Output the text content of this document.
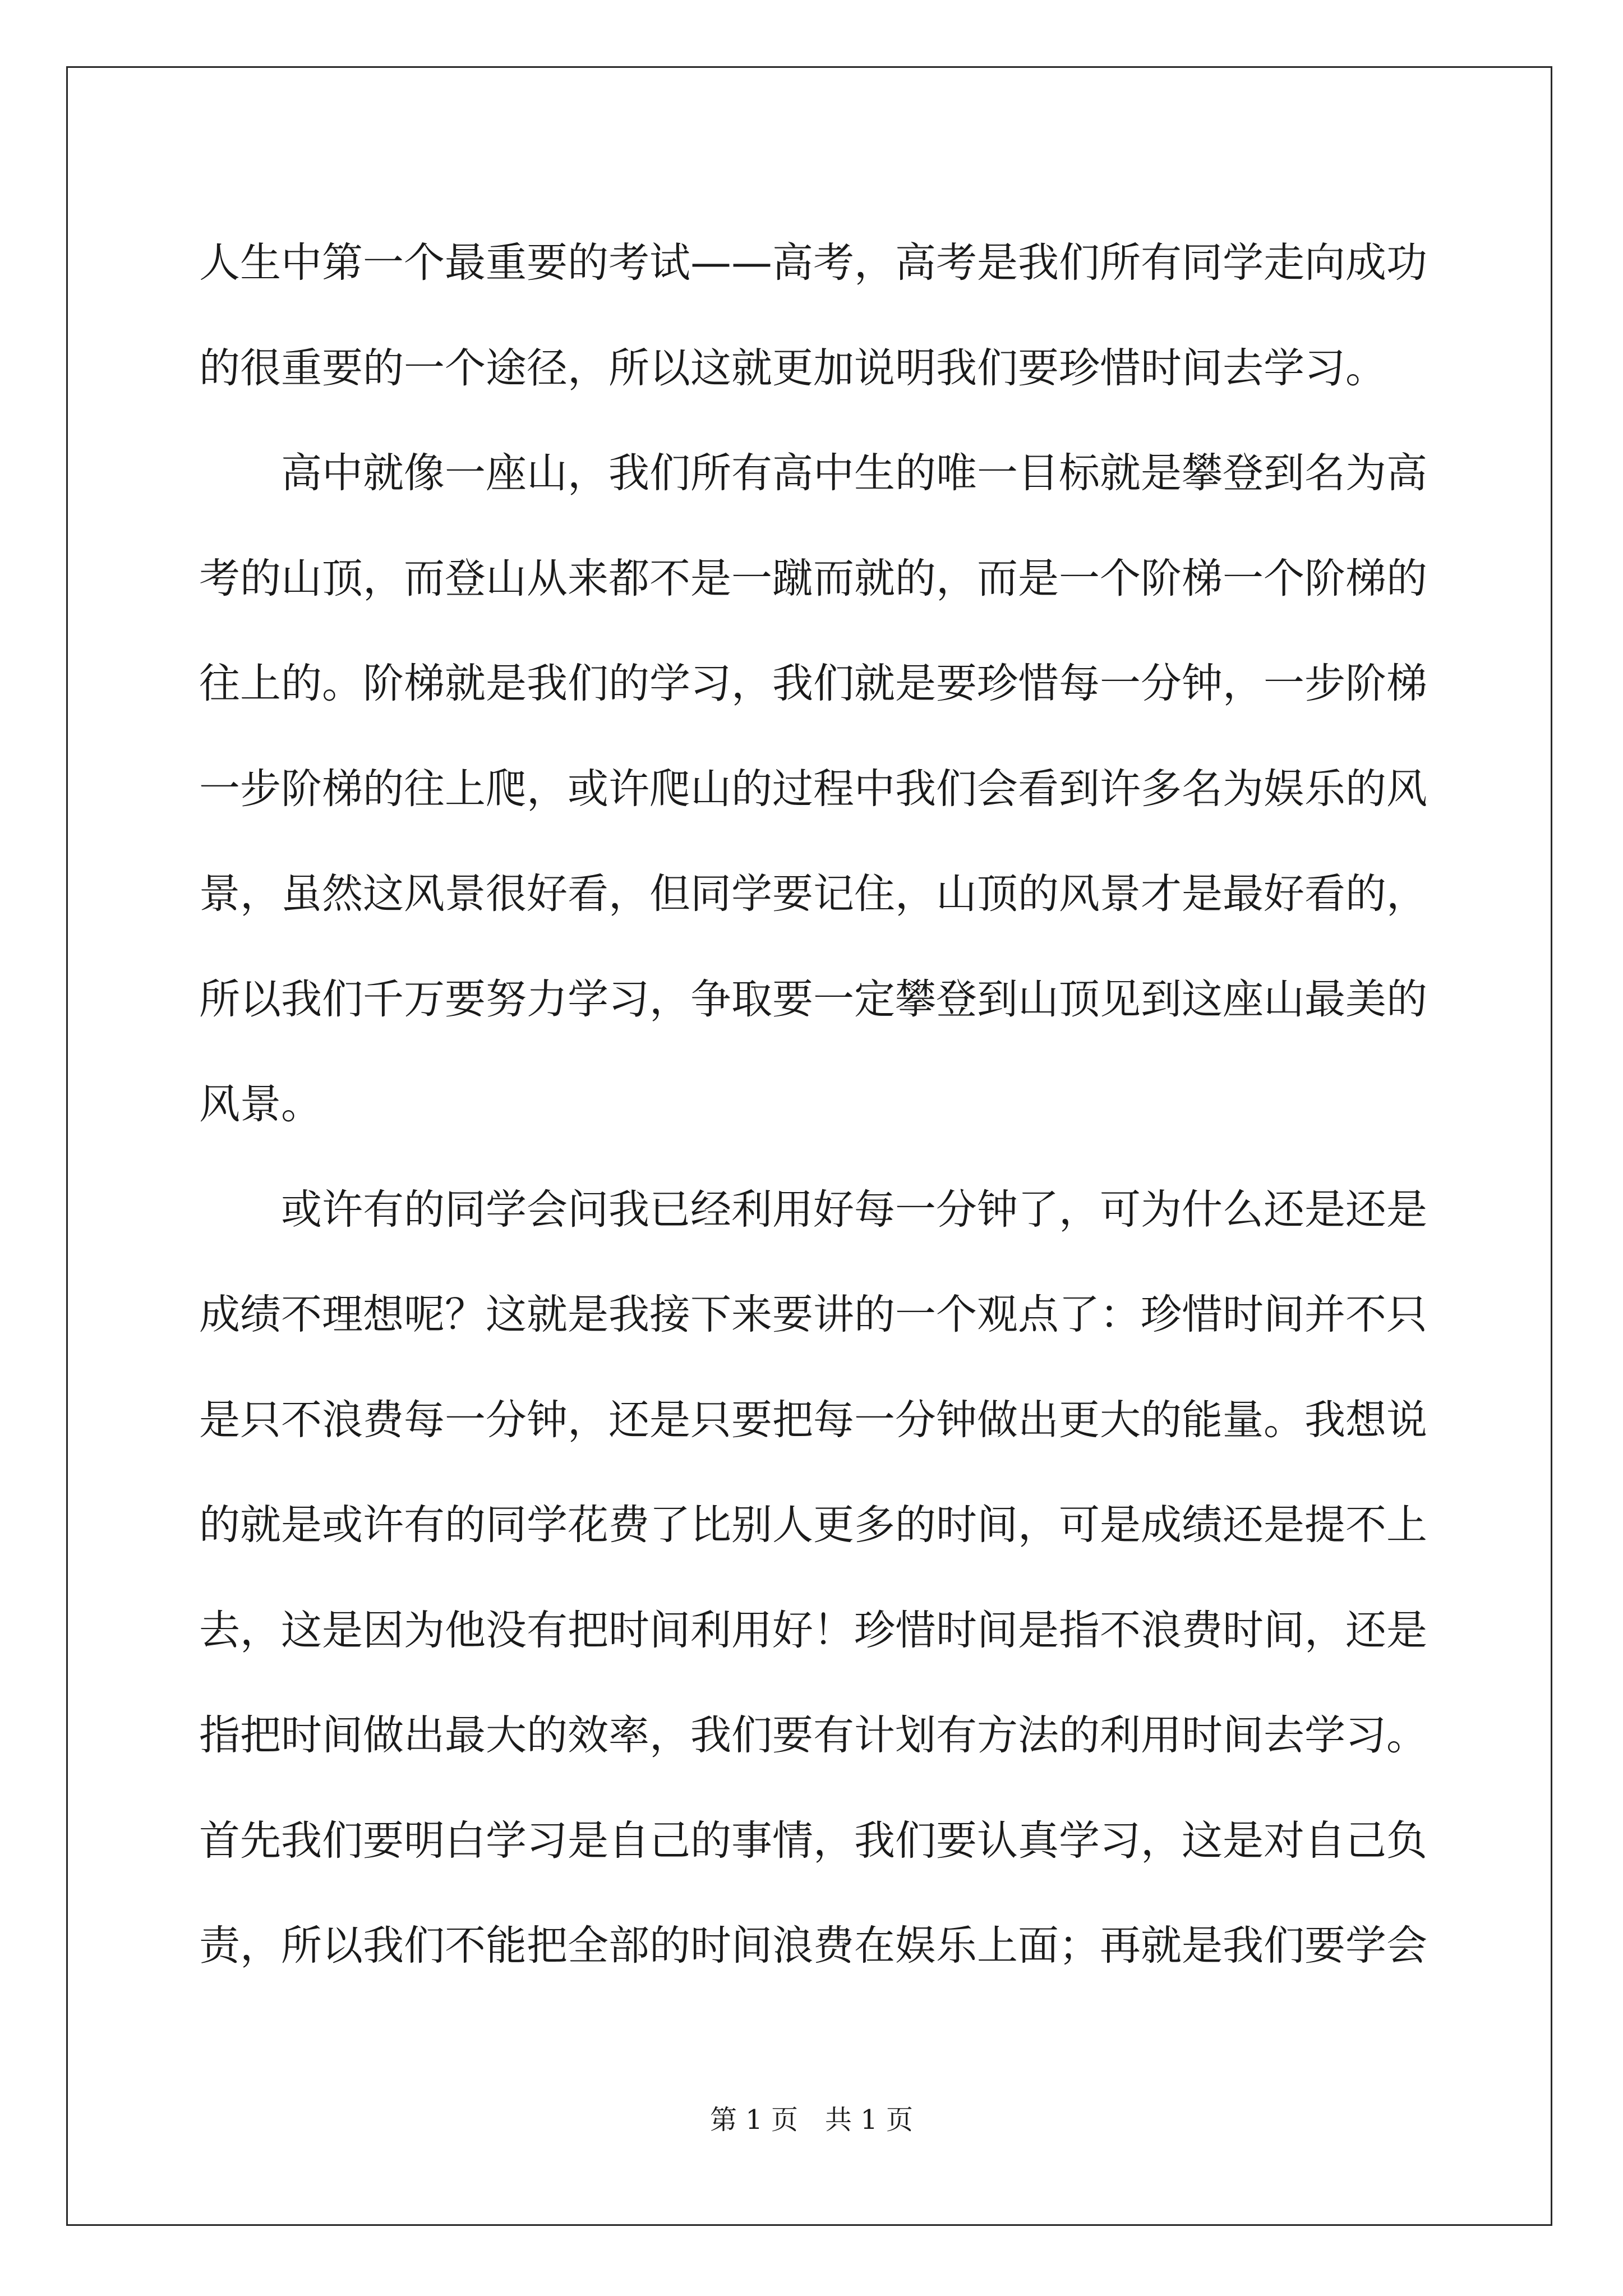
人生中第一个最重要的考试——高考，高考是我们所有同学走向成功
的很重要的一个途径，所以这就更加说明我们要珍惜时间去学习。
高中就像一座山，我们所有高中生的唯一目标就是攀登到名为高
考的山顶，而登山从来都不是一蹴而就的，而是一个阶梯一个阶梯的
往上的。阶梯就是我们的学习，我们就是要珍惜每一分钟，一步阶梯
一步阶梯的往上爬，或许爬山的过程中我们会看到许多名为娱乐的风
景，虽然这风景很好看，但同学要记住，山顶的风景才是最好看的，
所以我们千万要努力学习，争取要一定攀登到山顶见到这座山最美的
风景。
或许有的同学会问我已经利用好每一分钟了，可为什么还是还是
成绩不理想呢？这就是我接下来要讲的一个观点了：珍惜时间并不只
是只不浪费每一分钟，还是只要把每一分钟做出更大的能量。我想说
的就是或许有的同学花费了比别人更多的时间，可是成绩还是提不上
去，这是因为他没有把时间利用好！珍惜时间是指不浪费时间，还是
指把时间做出最大的效率，我们要有计划有方法的利用时间去学习。
首先我们要明白学习是自己的事情，我们要认真学习，这是对自己负
责，所以我们不能把全部的时间浪费在娱乐上面；再就是我们要学会
第 1 页　共 1 页
